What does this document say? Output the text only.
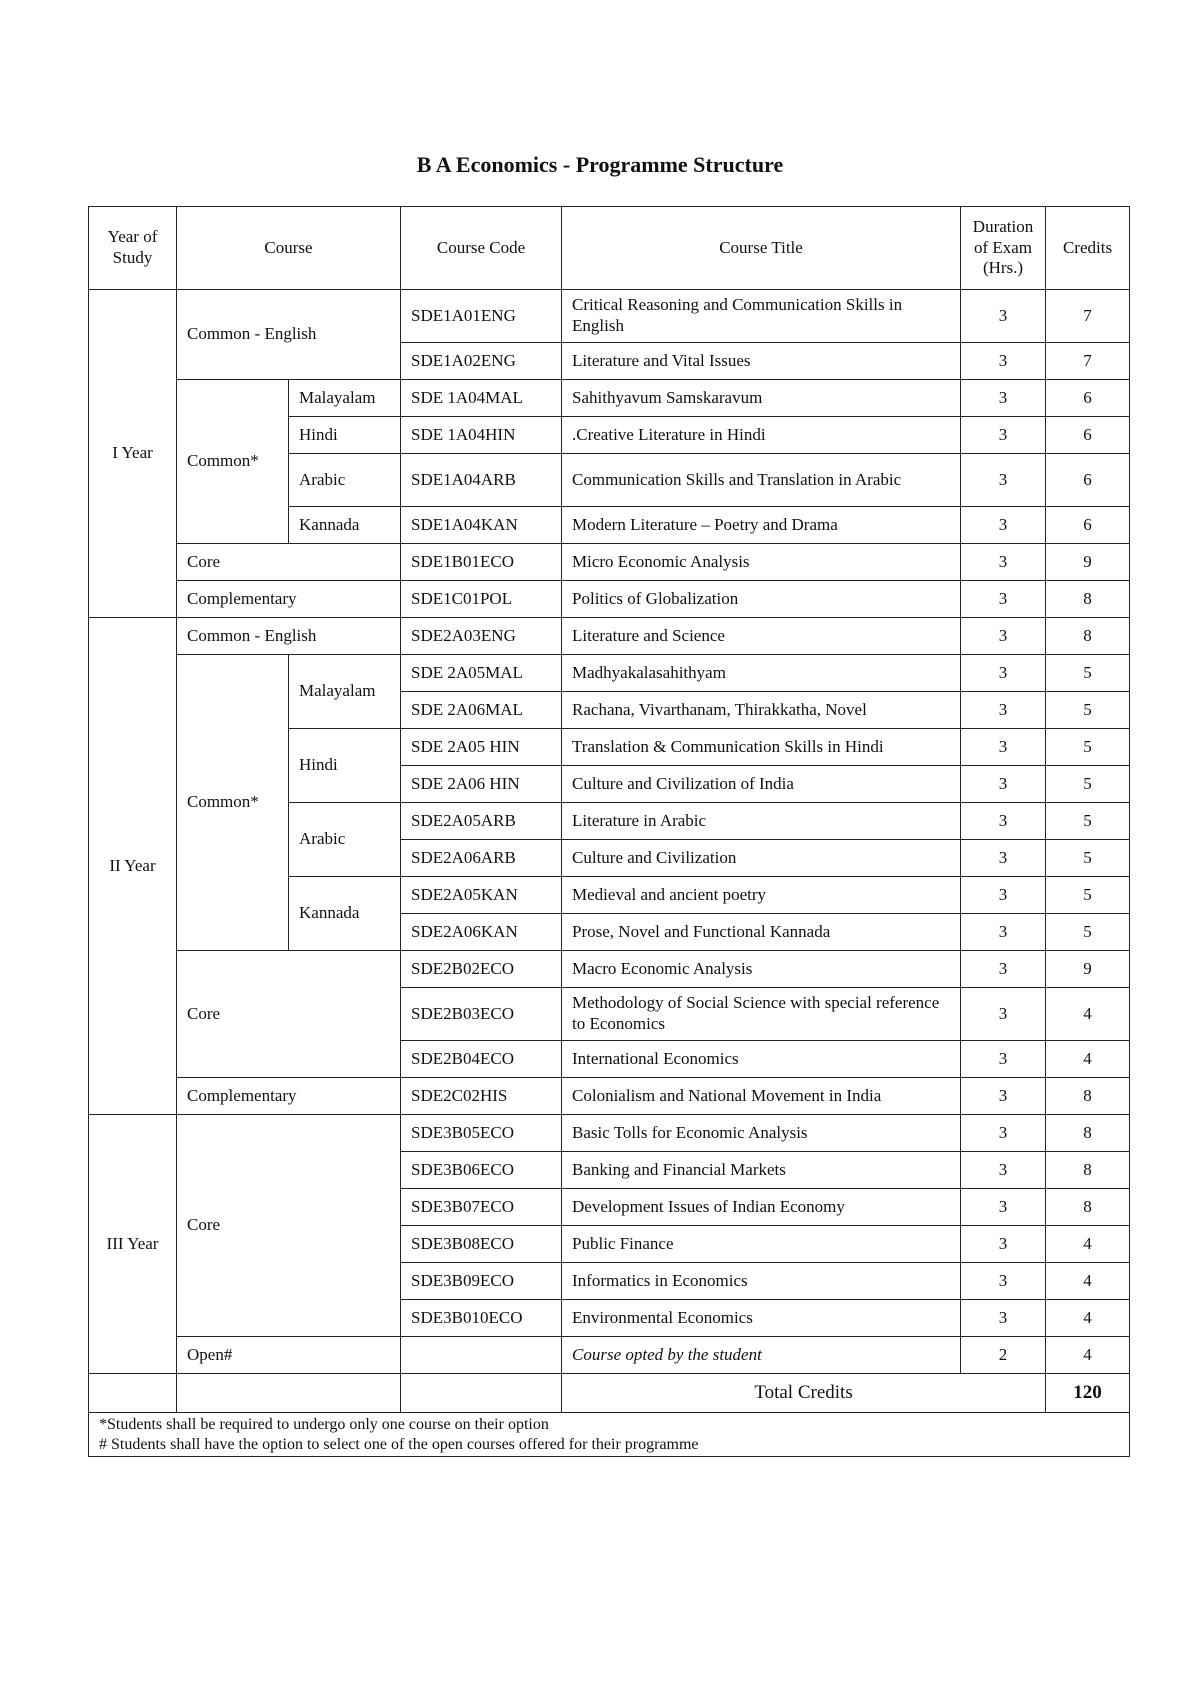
B A Economics - Programme Structure
Year of Study	Course		Course Code	Course Title	Duration of Exam (Hrs.)	Credits
I Year	Common - English		SDE1A01ENG	Critical Reasoning and Communication Skills in English	3	7
			SDE1A02ENG	Literature and Vital Issues	3	7
	Common*	Malayalam	SDE 1A04MAL	Sahithyavum Samskaravum	3	6
		Hindi	SDE 1A04HIN	.Creative Literature in Hindi	3	6
		Arabic	SDE1A04ARB	Communication Skills and Translation in Arabic	3	6
		Kannada	SDE1A04KAN	Modern Literature – Poetry and Drama	3	6
	Core		SDE1B01ECO	Micro Economic Analysis	3	9
	Complementary		SDE1C01POL	Politics of Globalization	3	8
II Year	Common - English		SDE2A03ENG	Literature and Science	3	8
	Common*	Malayalam	SDE 2A05MAL	Madhyakalasahithyam	3	5
			SDE 2A06MAL	Rachana, Vivarthanam, Thirakkatha, Novel	3	5
		Hindi	SDE 2A05 HIN	Translation & Communication Skills in Hindi	3	5
			SDE 2A06 HIN	Culture and Civilization of India	3	5
		Arabic	SDE2A05ARB	Literature in Arabic	3	5
			SDE2A06ARB	Culture and Civilization	3	5
		Kannada	SDE2A05KAN	Medieval and ancient poetry	3	5
			SDE2A06KAN	Prose, Novel and Functional Kannada	3	5
	Core		SDE2B02ECO	Macro Economic Analysis	3	9
			SDE2B03ECO	Methodology of Social Science with special reference to Economics	3	4
			SDE2B04ECO	International Economics	3	4
	Complementary		SDE2C02HIS	Colonialism and National Movement in India	3	8
III Year	Core		SDE3B05ECO	Basic Tolls for Economic Analysis	3	8
			SDE3B06ECO	Banking and Financial Markets	3	8
			SDE3B07ECO	Development Issues of Indian Economy	3	8
			SDE3B08ECO	Public Finance	3	4
			SDE3B09ECO	Informatics in Economics	3	4
			SDE3B010ECO	Environmental Economics	3	4
	Open#			Course opted by the student	2	4
				Total Credits		120

*Students shall be required to undergo only one course on their option
# Students shall have the option to select one of the open courses offered for their programme						
